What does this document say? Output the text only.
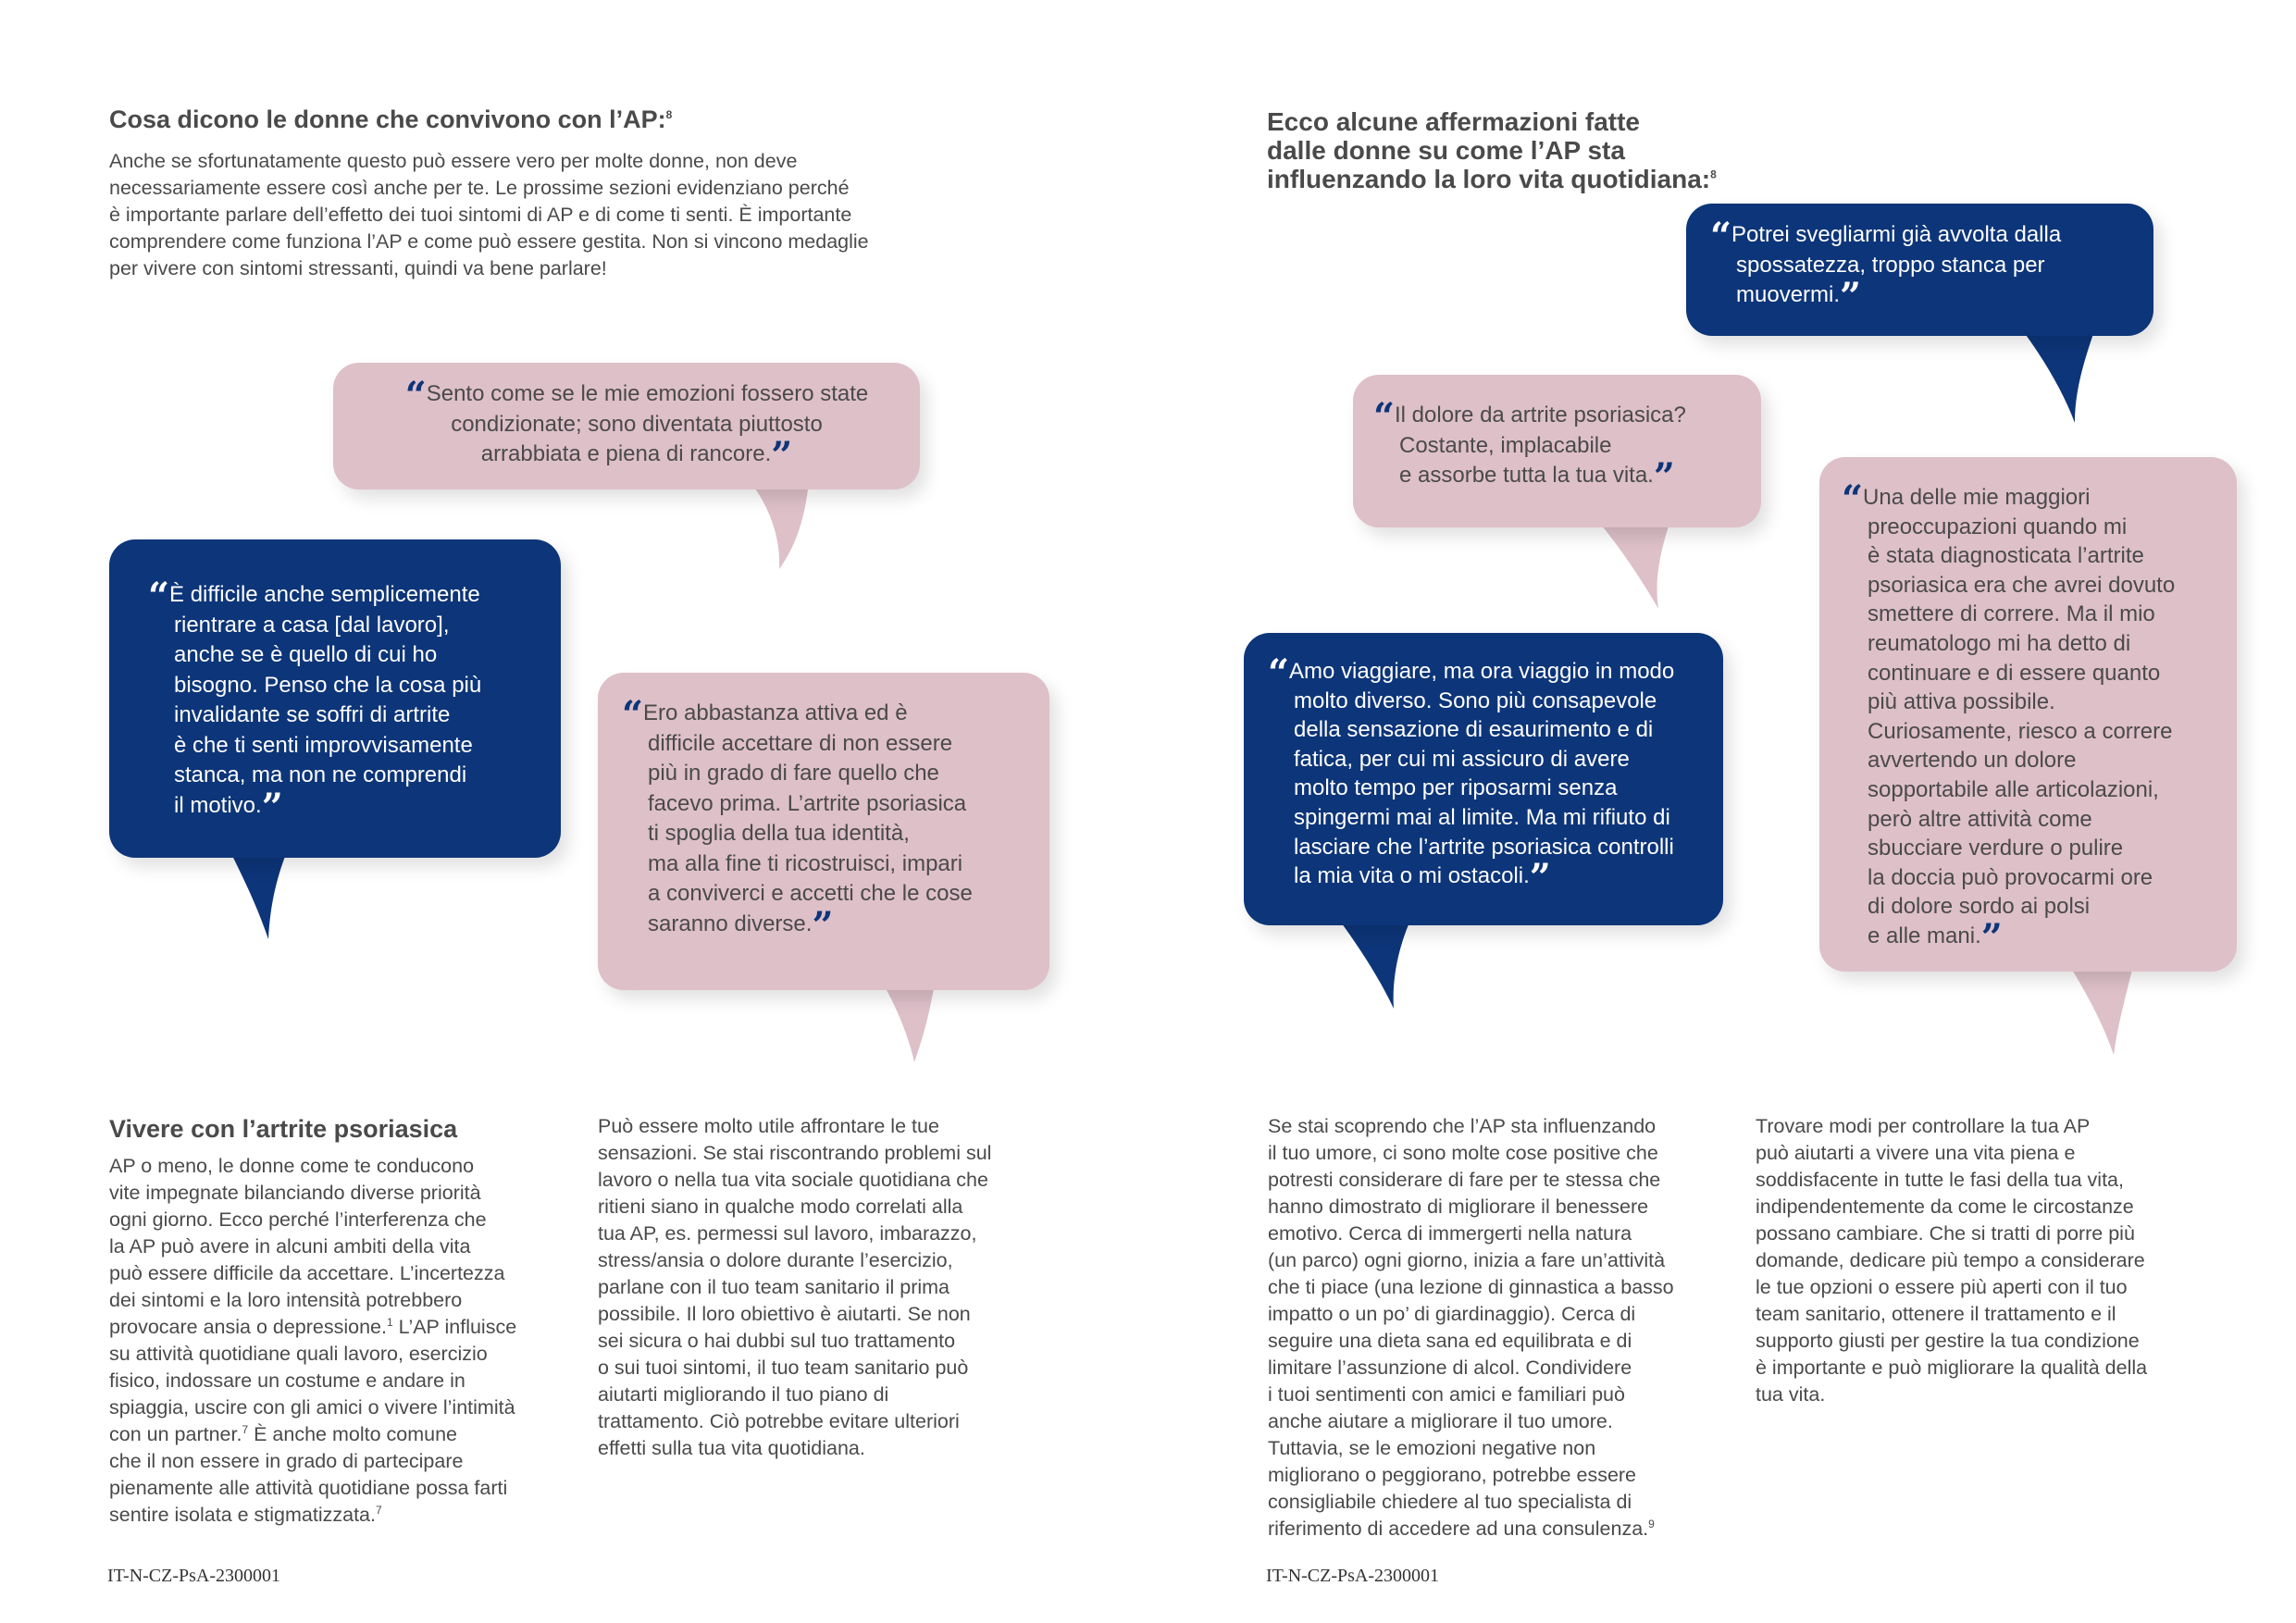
Cosa dicono le donne che convivono con l’AP:$^8$
Anche se sfortunatamente questo può essere vero per molte donne, non deve
necessariamente essere così anche per te. Le prossime sezioni evidenziano perché
è importante parlare dell’effetto dei tuoi sintomi di AP e di come ti senti. È importante
comprendere come funziona l’AP e come può essere gestita. Non si vincono medaglie
per vivere con sintomi stressanti, quindi va bene parlare!
“Sento come se le mie emozioni fossero state
condizionate; sono diventata piuttosto
arrabbiata e piena di rancore.”
“È difficile anche semplicemente
rientrare a casa [dal lavoro],
anche se è quello di cui ho
bisogno. Penso che la cosa più
invalidante se soffri di artrite
è che ti senti improvvisamente
stanca, ma non ne comprendi
il motivo.”
“Ero abbastanza attiva ed è
difficile accettare di non essere
più in grado di fare quello che
facevo prima. L’artrite psoriasica
ti spoglia della tua identità,
ma alla fine ti ricostruisci, impari
a conviverci e accetti che le cose
saranno diverse.”
Vivere con l’artrite psoriasica
AP o meno, le donne come te conducono
vite impegnate bilanciando diverse priorità
ogni giorno. Ecco perché l’interferenza che
la AP può avere in alcuni ambiti della vita
può essere difficile da accettare. L’incertezza
dei sintomi e la loro intensità potrebbero
provocare ansia o depressione.$^1$ L’AP influisce
su attività quotidiane quali lavoro, esercizio
fisico, indossare un costume e andare in
spiaggia, uscire con gli amici o vivere l’intimità
con un partner.$^7$ È anche molto comune
che il non essere in grado di partecipare
pienamente alle attività quotidiane possa farti
sentire isolata e stigmatizzata.$^7$
Può essere molto utile affrontare le tue
sensazioni. Se stai riscontrando problemi sul
lavoro o nella tua vita sociale quotidiana che
ritieni siano in qualche modo correlati alla
tua AP, es. permessi sul lavoro, imbarazzo,
stress/ansia o dolore durante l’esercizio,
parlane con il tuo team sanitario il prima
possibile. Il loro obiettivo è aiutarti. Se non
sei sicura o hai dubbi sul tuo trattamento
o sui tuoi sintomi, il tuo team sanitario può
aiutarti migliorando il tuo piano di
trattamento. Ciò potrebbe evitare ulteriori
effetti sulla tua vita quotidiana.
IT-N-CZ-PsA-2300001
Ecco alcune affermazioni fatte
dalle donne su come l’AP sta
influenzando la loro vita quotidiana:$^8$
“Potrei svegliarmi già avvolta dalla
spossatezza, troppo stanca per
muovermi.”
“Il dolore da artrite psoriasica?
Costante, implacabile
e assorbe tutta la tua vita.”
“Una delle mie maggiori
preoccupazioni quando mi
è stata diagnosticata l’artrite
psoriasica era che avrei dovuto
smettere di correre. Ma il mio
reumatologo mi ha detto di
continuare e di essere quanto
più attiva possibile.
Curiosamente, riesco a correre
avvertendo un dolore
sopportabile alle articolazioni,
però altre attività come
sbucciare verdure o pulire
la doccia può provocarmi ore
di dolore sordo ai polsi
e alle mani.”
“Amo viaggiare, ma ora viaggio in modo
molto diverso. Sono più consapevole
della sensazione di esaurimento e di
fatica, per cui mi assicuro di avere
molto tempo per riposarmi senza
spingermi mai al limite. Ma mi rifiuto di
lasciare che l’artrite psoriasica controlli
la mia vita o mi ostacoli.”
Se stai scoprendo che l’AP sta influenzando
il tuo umore, ci sono molte cose positive che
potresti considerare di fare per te stessa che
hanno dimostrato di migliorare il benessere
emotivo. Cerca di immergerti nella natura
(un parco) ogni giorno, inizia a fare un’attività
che ti piace (una lezione di ginnastica a basso
impatto o un po’ di giardinaggio). Cerca di
seguire una dieta sana ed equilibrata e di
limitare l’assunzione di alcol. Condividere
i tuoi sentimenti con amici e familiari può
anche aiutare a migliorare il tuo umore.
Tuttavia, se le emozioni negative non
migliorano o peggiorano, potrebbe essere
consigliabile chiedere al tuo specialista di
riferimento di accedere ad una consulenza.$^9$
Trovare modi per controllare la tua AP
può aiutarti a vivere una vita piena e
soddisfacente in tutte le fasi della tua vita,
indipendentemente da come le circostanze
possano cambiare. Che si tratti di porre più
domande, dedicare più tempo a considerare
le tue opzioni o essere più aperti con il tuo
team sanitario, ottenere il trattamento e il
supporto giusti per gestire la tua condizione
è importante e può migliorare la qualità della
tua vita.
IT-N-CZ-PsA-2300001
